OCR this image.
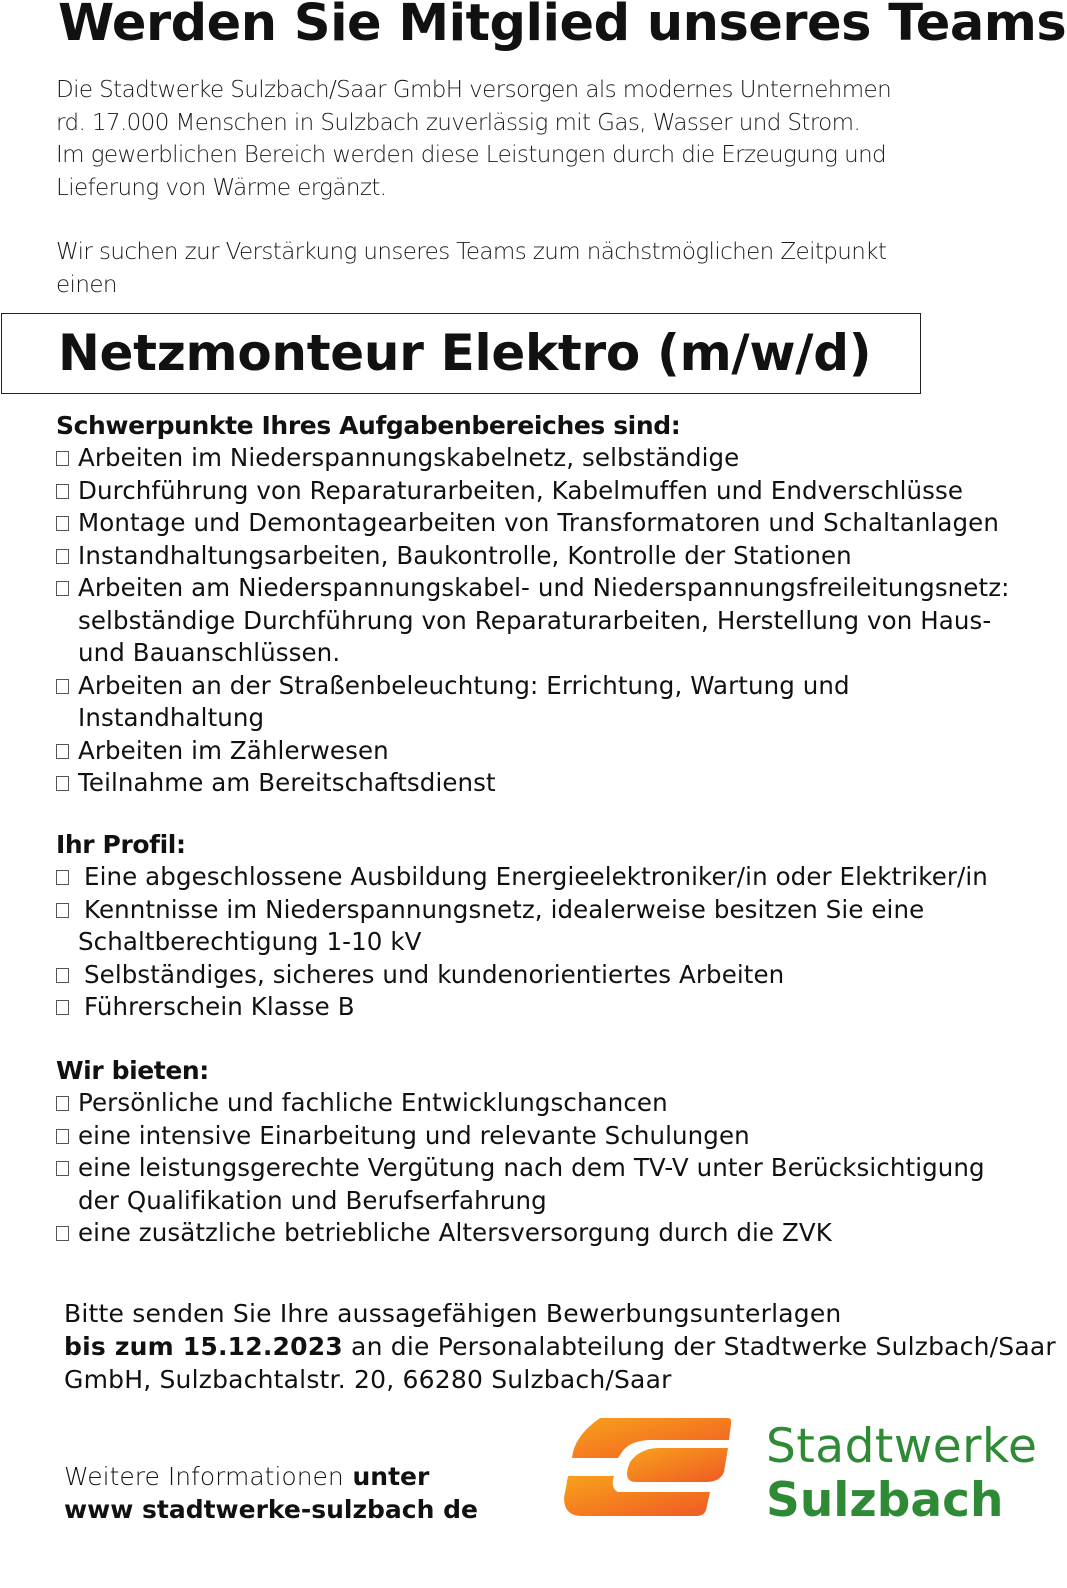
Werden Sie Mitglied unseres Teams

Die Stadtwerke Sulzbach/Saar GmbH versorgen als modernes Unternehmen
rd. 17.000 Menschen in Sulzbach zuverlässig mit Gas, Wasser und Strom.
Im gewerblichen Bereich werden diese Leistungen durch die Erzeugung und
Lieferung von Wärme ergänzt.

Wir suchen zur Verstärkung unseres Teams zum nächstmöglichen Zeitpunkt
einen

Netzmonteur Elektro (m/w/d)
Schwerpunkte Ihres Aufgabenbereiches sind:
Arbeiten im Niederspannungskabelnetz, selbständige
Durchführung von Reparaturarbeiten, Kabelmuffen und Endverschlüsse
Montage und Demontagearbeiten von Transformatoren und Schaltanlagen
Instandhaltungsarbeiten, Baukontrolle, Kontrolle der Stationen
Arbeiten am Niederspannungskabel- und Niederspannungsfreileitungsnetz:
selbständige Durchführung von Reparaturarbeiten, Herstellung von Haus-
und Bauanschlüssen.
Arbeiten an der Straßenbeleuchtung: Errichtung, Wartung und
Instandhaltung
Arbeiten im Zählerwesen
Teilnahme am Bereitschaftsdienst
Ihr Profil:
Eine abgeschlossene Ausbildung Energieelektroniker/in oder Elektriker/in
Kenntnisse im Niederspannungsnetz, idealerweise besitzen Sie eine
Schaltberechtigung 1-10 kV
Selbständiges, sicheres und kundenorientiertes Arbeiten
Führerschein Klasse B
Wir bieten:
Persönliche und fachliche Entwicklungschancen
eine intensive Einarbeitung und relevante Schulungen
eine leistungsgerechte Vergütung nach dem TV-V unter Berücksichtigung
der Qualifikation und Berufserfahrung
eine zusätzliche betriebliche Altersversorgung durch die ZVK
Bitte senden Sie Ihre aussagefähigen Bewerbungsunterlagen
bis zum 15.12.2023 an die Personalabteilung der Stadtwerke Sulzbach/Saar
GmbH, Sulzbachtalstr. 20, 66280 Sulzbach/Saar
Weitere Informationen unter
www stadtwerke-sulzbach de
Stadtwerke
Sulzbach
